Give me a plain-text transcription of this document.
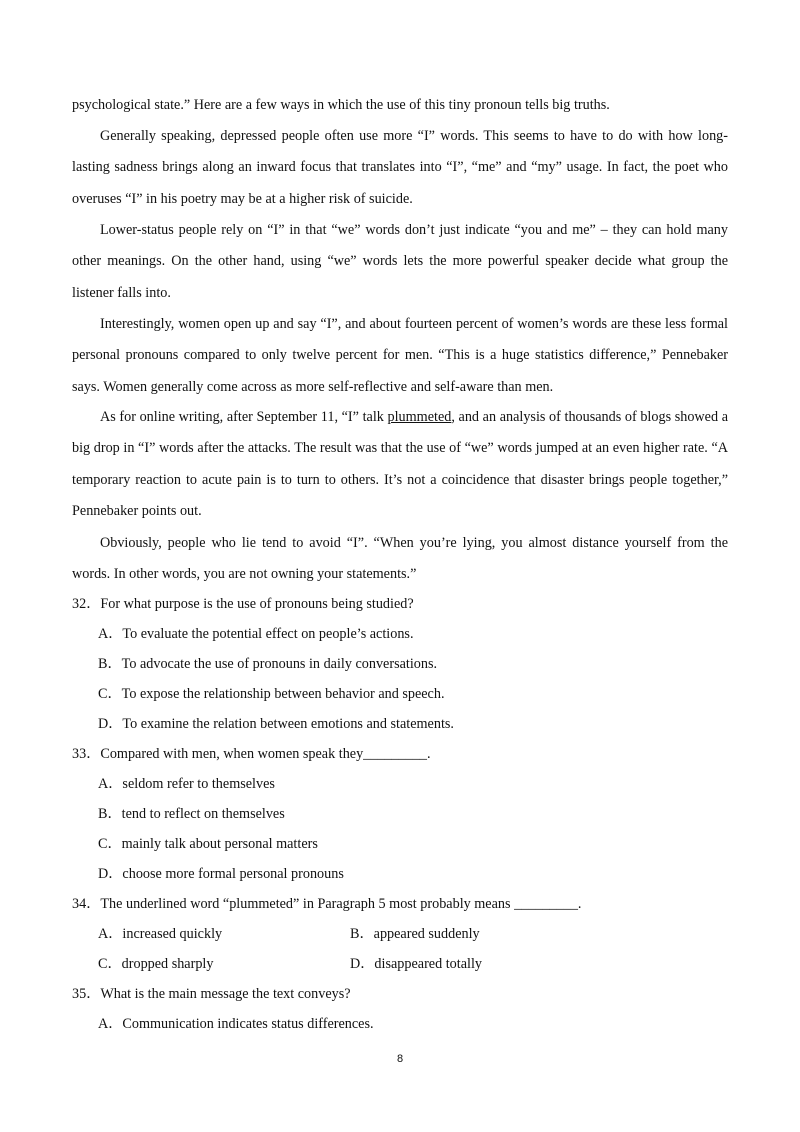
psychological state.” Here are a few ways in which the use of this tiny pronoun tells big truths.

Generally speaking, depressed people often use more “I” words. This seems to have to do with how long-lasting sadness brings along an inward focus that translates into “I”, “me” and “my” usage. In fact, the poet who overuses “I” in his poetry may be at a higher risk of suicide.

Lower-status people rely on “I” in that “we” words don’t just indicate “you and me” – they can hold many other meanings. On the other hand, using “we” words lets the more powerful speaker decide what group the listener falls into.

Interestingly, women open up and say “I”, and about fourteen percent of women’s words are these less formal personal pronouns compared to only twelve percent for men. “This is a huge statistics difference,” Pennebaker says. Women generally come across as more self-reflective and self-aware than men.

As for online writing, after September 11, “I” talk plummeted, and an analysis of thousands of blogs showed a big drop in “I” words after the attacks. The result was that the use of “we” words jumped at an even higher rate. “A temporary reaction to acute pain is to turn to others. It’s not a coincidence that disaster brings people together,” Pennebaker points out.

Obviously, people who lie tend to avoid “I”. “When you’re lying, you almost distance yourself from the words. In other words, you are not owning your statements.”

32．For what purpose is the use of pronouns being studied?

A．To evaluate the potential effect on people’s actions.

B．To advocate the use of pronouns in daily conversations.

C．To expose the relationship between behavior and speech.

D．To examine the relation between emotions and statements.

33．Compared with men, when women speak they_________.

A．seldom refer to themselves

B．tend to reflect on themselves

C．mainly talk about personal matters

D．choose more formal personal pronouns

34．The underlined word “plummeted” in Paragraph 5 most probably means _________.

A．increased quickly	B．appeared suddenly

C．dropped sharply	D．disappeared totally

35．What is the main message the text conveys?

A．Communication indicates status differences.

8
